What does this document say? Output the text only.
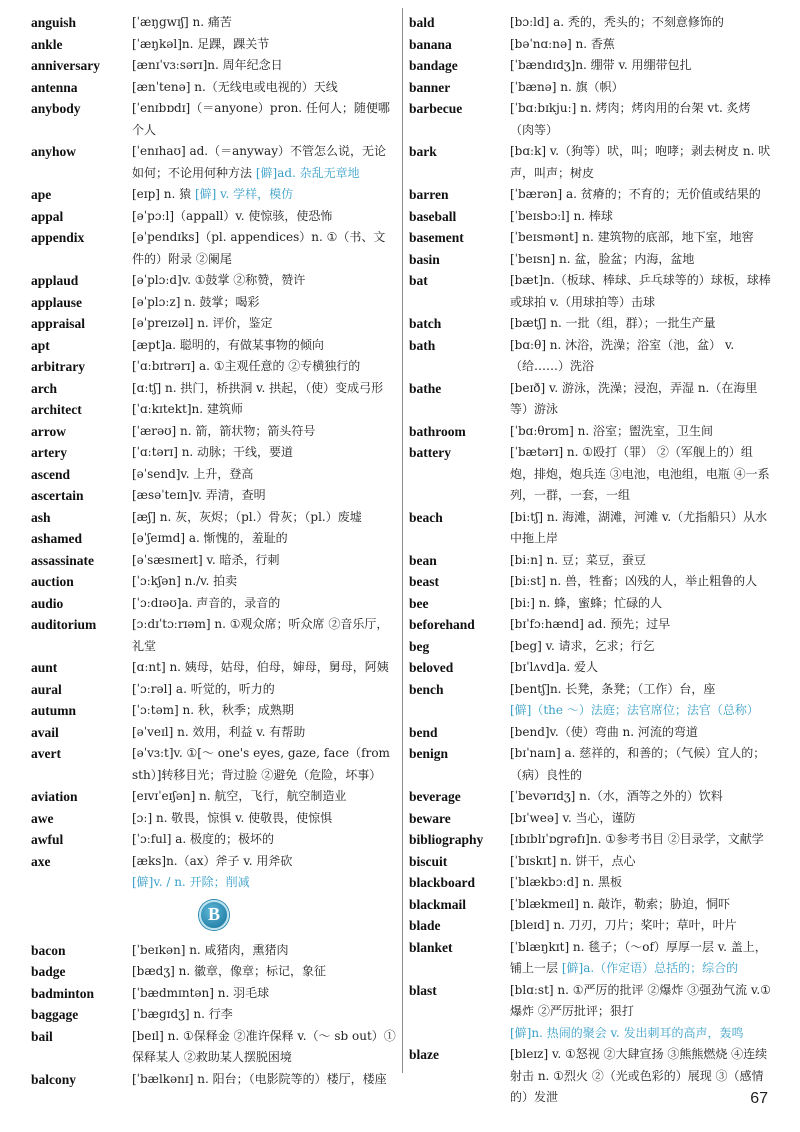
anguish	[ˈæŋgwɪʃ] n. 痛苦
ankle	[ˈæŋkəl]n. 足踝，踝关节
anniversary	[ænɪˈvɜːsərɪ]n. 周年纪念日
antenna	[ænˈtenə] n.（无线电或电视的）天线
anybody	[ˈenɪbɒdɪ]（＝anyone）pron. 任何人；随便哪个人
anyhow	[ˈenɪhaʊ] ad.（＝anyway）不管怎么说，无论如何；不论用何种方法 [僻]ad. 杂乱无章地
ape	[eɪp] n. 猿 [僻] v. 学样，模仿
appal	[əˈpɔːl]（appall）v. 使惊骇，使恐怖
appendix	[əˈpendɪks]（pl. appendices）n. ①（书、文件的）附录 ②阑尾
applaud	[əˈplɔːd]v. ①鼓掌 ②称赞，赞许
applause	[əˈplɔːz] n. 鼓掌；喝彩
appraisal	[əˈpreɪzəl] n. 评价，鉴定
apt	[æpt]a. 聪明的，有做某事物的倾向
arbitrary	[ˈɑːbɪtrərɪ] a. ①主观任意的 ②专横独行的
arch	[ɑːtʃ] n. 拱门，桥拱洞 v. 拱起，（使）变成弓形
architect	[ˈɑːkɪtekt]n. 建筑师
arrow	[ˈærəʊ] n. 箭，箭状物；箭头符号
artery	[ˈɑːtərɪ] n. 动脉；干线，要道
ascend	[əˈsend]v. 上升，登高
ascertain	[æsəˈteɪn]v. 弄清，查明
ash	[æʃ] n. 灰，灰烬；（pl.）骨灰；（pl.）废墟
ashamed	[əˈʃeɪmd] a. 惭愧的，羞耻的
assassinate	[əˈsæsɪneɪt] v. 暗杀，行刺
auction	[ˈɔːkʃən] n./v. 拍卖
audio	[ˈɔːdɪəʊ]a. 声音的，录音的
auditorium	[ɔːdɪˈtɔːrɪəm] n. ①观众席；听众席 ②音乐厅，礼堂
aunt	[ɑːnt] n. 姨母，姑母，伯母，婶母，舅母，阿姨
aural	[ˈɔːrəl] a. 听觉的，听力的
autumn	[ˈɔːtəm] n. 秋，秋季；成熟期
avail	[əˈveɪl] n. 效用，利益 v. 有帮助
avert	[əˈvɜːt]v. ①[～ one's eyes, gaze, face（from sth）]转移目光；背过脸 ②避免（危险，坏事）
aviation	[eɪvɪˈeɪʃən] n. 航空，飞行，航空制造业
awe	[ɔː] n. 敬畏，惊惧 v. 使敬畏，使惊惧
awful	[ˈɔːful] a. 极度的；极坏的
axe	[æks]n.（ax）斧子 v. 用斧砍
[僻]v. / n. 开除；削减
B
bacon	[ˈbeɪkən] n. 咸猪肉，熏猪肉
badge	[bædʒ] n. 徽章，像章；标记，象征
badminton	[ˈbædmɪntən] n. 羽毛球
baggage	[ˈbægɪdʒ] n. 行李
bail	[beɪl] n. ①保释金 ②准许保释 v.（～ sb out）①保释某人 ②救助某人摆脱困境
balcony	[ˈbælkənɪ] n. 阳台；（电影院等的）楼厅，楼座
bald	[bɔːld] a. 秃的，秃头的；不刻意修饰的
banana	[bəˈnɑːnə] n. 香蕉
bandage	[ˈbændɪdʒ]n. 绷带 v. 用绷带包扎
banner	[ˈbænə] n. 旗（帜）
barbecue	[ˈbɑːbɪkjuː] n. 烤肉；烤肉用的台架 vt. 炙烤（肉等）
bark	[bɑːk] v.（狗等）吠，叫；咆哮；剥去树皮 n. 吠声，叫声；树皮
barren	[ˈbærən] a. 贫瘠的；不育的；无价值或结果的
baseball	[ˈbeɪsbɔːl] n. 棒球
basement	[ˈbeɪsmənt] n. 建筑物的底部，地下室，地窖
basin	[ˈbeɪsn] n. 盆，脸盆；内海，盆地
bat	[bæt]n.（板球、棒球、乒乓球等的）球板，球棒或球拍 v.（用球拍等）击球
batch	[bætʃ] n. 一批（组，群）；一批生产量
bath	[bɑːθ] n. 沐浴，洗澡；浴室（池，盆） v.（给……）洗浴
bathe	[beɪð] v. 游泳，洗澡；浸泡，弄湿 n.（在海里等）游泳
bathroom	[ˈbɑːθrʊm] n. 浴室；盥洗室，卫生间
battery	[ˈbætərɪ] n. ①殴打（罪） ②（军舰上的）组炮，排炮，炮兵连 ③电池，电池组，电瓶 ④一系列，一群，一套，一组
beach	[biːtʃ] n. 海滩，湖滩，河滩 v.（尤指船只）从水中拖上岸
bean	[biːn] n. 豆；菜豆，蚕豆
beast	[biːst] n. 兽，牲畜；凶残的人，举止粗鲁的人
bee	[biː] n. 蜂，蜜蜂；忙碌的人
beforehand	[bɪˈfɔːhænd] ad. 预先；过早
beg	[beg] v. 请求，乞求；行乞
beloved	[bɪˈlʌvd]a. 爱人
bench	[bentʃ]n. 长凳，条凳；（工作）台，座
[僻]（the ～）法庭；法官席位；法官（总称）
bend	[bend]v.（使）弯曲 n. 河流的弯道
benign	[bɪˈnaɪn] a. 慈祥的，和善的；（气候）宜人的；（病）良性的
beverage	[ˈbevərɪdʒ] n.（水，酒等之外的）饮料
beware	[bɪˈweə] v. 当心，谨防
bibliography	[ɪbɪblɪˈɒgrəfɪ]n. ①参考书目 ②目录学，文献学
biscuit	[ˈbɪskɪt] n. 饼干，点心
blackboard	[ˈblækbɔːd] n. 黑板
blackmail	[ˈblækmeɪl] n. 敲诈，勒索；胁迫，恫吓
blade	[bleɪd] n. 刀刃，刀片；桨叶；草叶，叶片
blanket	[ˈblæŋkɪt] n. 毯子；（～of）厚厚一层 v. 盖上，铺上一层 [僻]a.（作定语）总括的；综合的
blast	[blɑːst] n. ①严厉的批评 ②爆炸 ③强劲气流 v.①爆炸 ②严厉批评；狠打
[僻]n. 热闹的聚会 v. 发出刺耳的高声，轰鸣
blaze	[bleɪz] v. ①怒视 ②大肆宣扬 ③熊熊燃烧 ④连续射击 n. ①烈火 ②（光或色彩的）展现 ③（感情的）发泄	67
